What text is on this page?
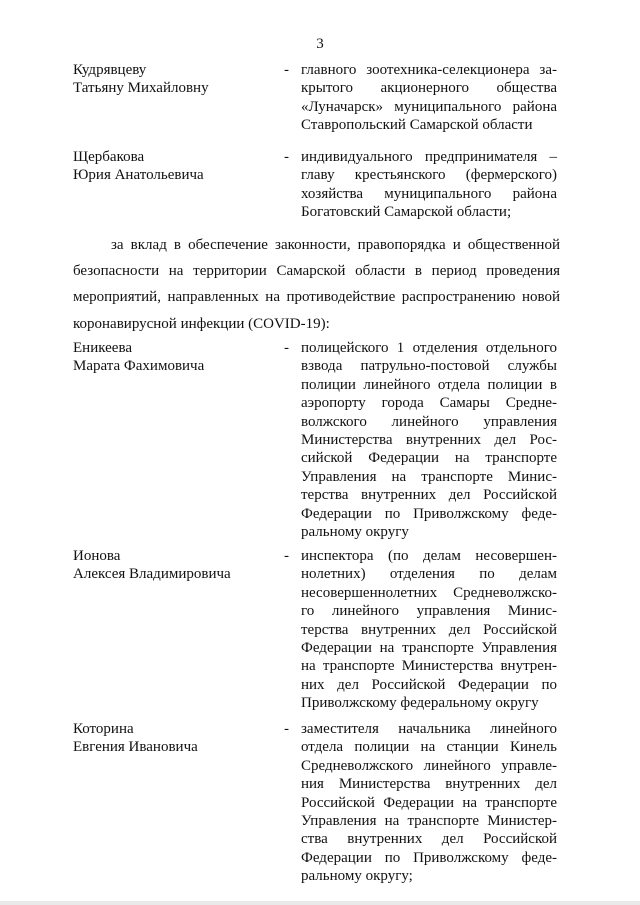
3
Кудрявцеву
Татьяну Михайловну
- главного зоотехника-селекционера за-
крытого акционерного общества
«Луначарск» муниципального района
Ставропольский Самарской области
Щербакова
Юрия Анатольевича
- индивидуального предпринимателя –
главу крестьянского (фермерского)
хозяйства муниципального района
Богатовский Самарской области;
за вклад в обеспечение законности, правопорядка и общественной
безопасности на территории Самарской области в период проведения
мероприятий, направленных на противодействие распространению новой
коронавирусной инфекции (COVID-19):
Еникеева
Марата Фахимовича
- полицейского 1 отделения отдельного
взвода патрульно-постовой службы
полиции линейного отдела полиции в
аэропорту города Самары Средне-
волжского линейного управления
Министерства внутренних дел Рос-
сийской Федерации на транспорте
Управления на транспорте Минис-
терства внутренних дел Российской
Федерации по Приволжскому феде-
ральному округу
Ионова
Алексея Владимировича
- инспектора (по делам несовершен-
нолетних) отделения по делам
несовершеннолетних Средневолжско-
го линейного управления Минис-
терства внутренних дел Российской
Федерации на транспорте Управления
на транспорте Министерства внутрен-
них дел Российской Федерации по
Приволжскому федеральному округу
Которина
Евгения Ивановича
- заместителя начальника линейного
отдела полиции на станции Кинель
Средневолжского линейного управле-
ния Министерства внутренних дел
Российской Федерации на транспорте
Управления на транспорте Министер-
ства внутренних дел Российской
Федерации по Приволжскому феде-
ральному округу;
